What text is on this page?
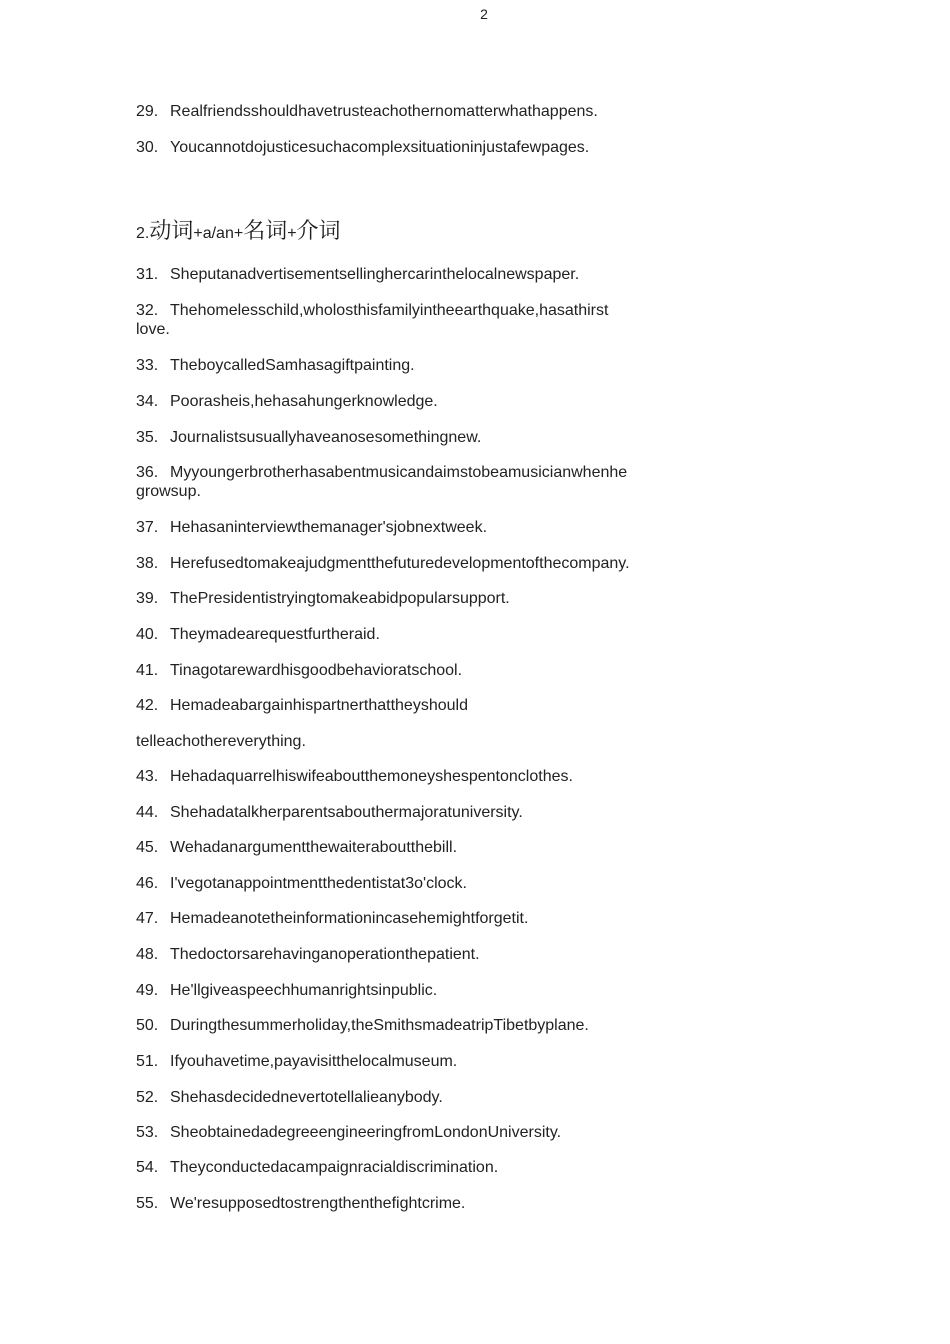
2
29. Realfriendsshouldhavetrusteachothernomatterwhathappens.
30. Youcannotdojusticesuchacomplexsituationinjustafewpages.
2.动词+a/an+名词+介词
31. Sheputanadvertisementsellinghercarinthelocalnewspaper.
32. Thehomelesschild,wholosthisfamilyintheearthquake,hasathirst
love.
33. TheboycalledSamhasagiftpainting.
34. Poorasheis,hehasahungerknowledge.
35. Journalistsusuallyhaveanosesomethingnew.
36. Myyoungerbrotherhasabentmusicandaimstobeamusicianwhenhe
growsup.
37. Hehasaninterviewthemanager'sjobnextweek.
38. Herefusedtomakeajudgmentthefuturedevelopmentofthecompany.
39. ThePresidentistryingtomakeabidpopularsupport.
40. Theymadearequestfurtheraid.
41. Tinagotarewardhisgoodbehavioratschool.
42. Hemadeabargainhispartnerthattheyshould
telleachothereverything.
43. Hehadaquarrelhiswifeaboutthemoneyshespentonclothes.
44. Shehadatalkherparentsabouthermajoratuniversity.
45. Wehadanargumentthewaiteraboutthebill.
46. I'vegotanappointmentthedentistat3o'clock.
47. Hemadeanotetheinformationincasehemightforgetit.
48. Thedoctorsarehavinganoperationthepatient.
49. He'llgiveaspeechhumanrightsinpublic.
50. Duringthesummerholiday,theSmithsmadeatripTibetbyplane.
51. Ifyouhavetime,payavisitthelocalmuseum.
52. Shehasdecidednevertotellalieanybody.
53. SheobtainedadegreeengineeringfromLondonUniversity.
54. Theyconductedacampaignracialdiscrimination.
55. We'resupposedtostrengthenthefightcrime.
